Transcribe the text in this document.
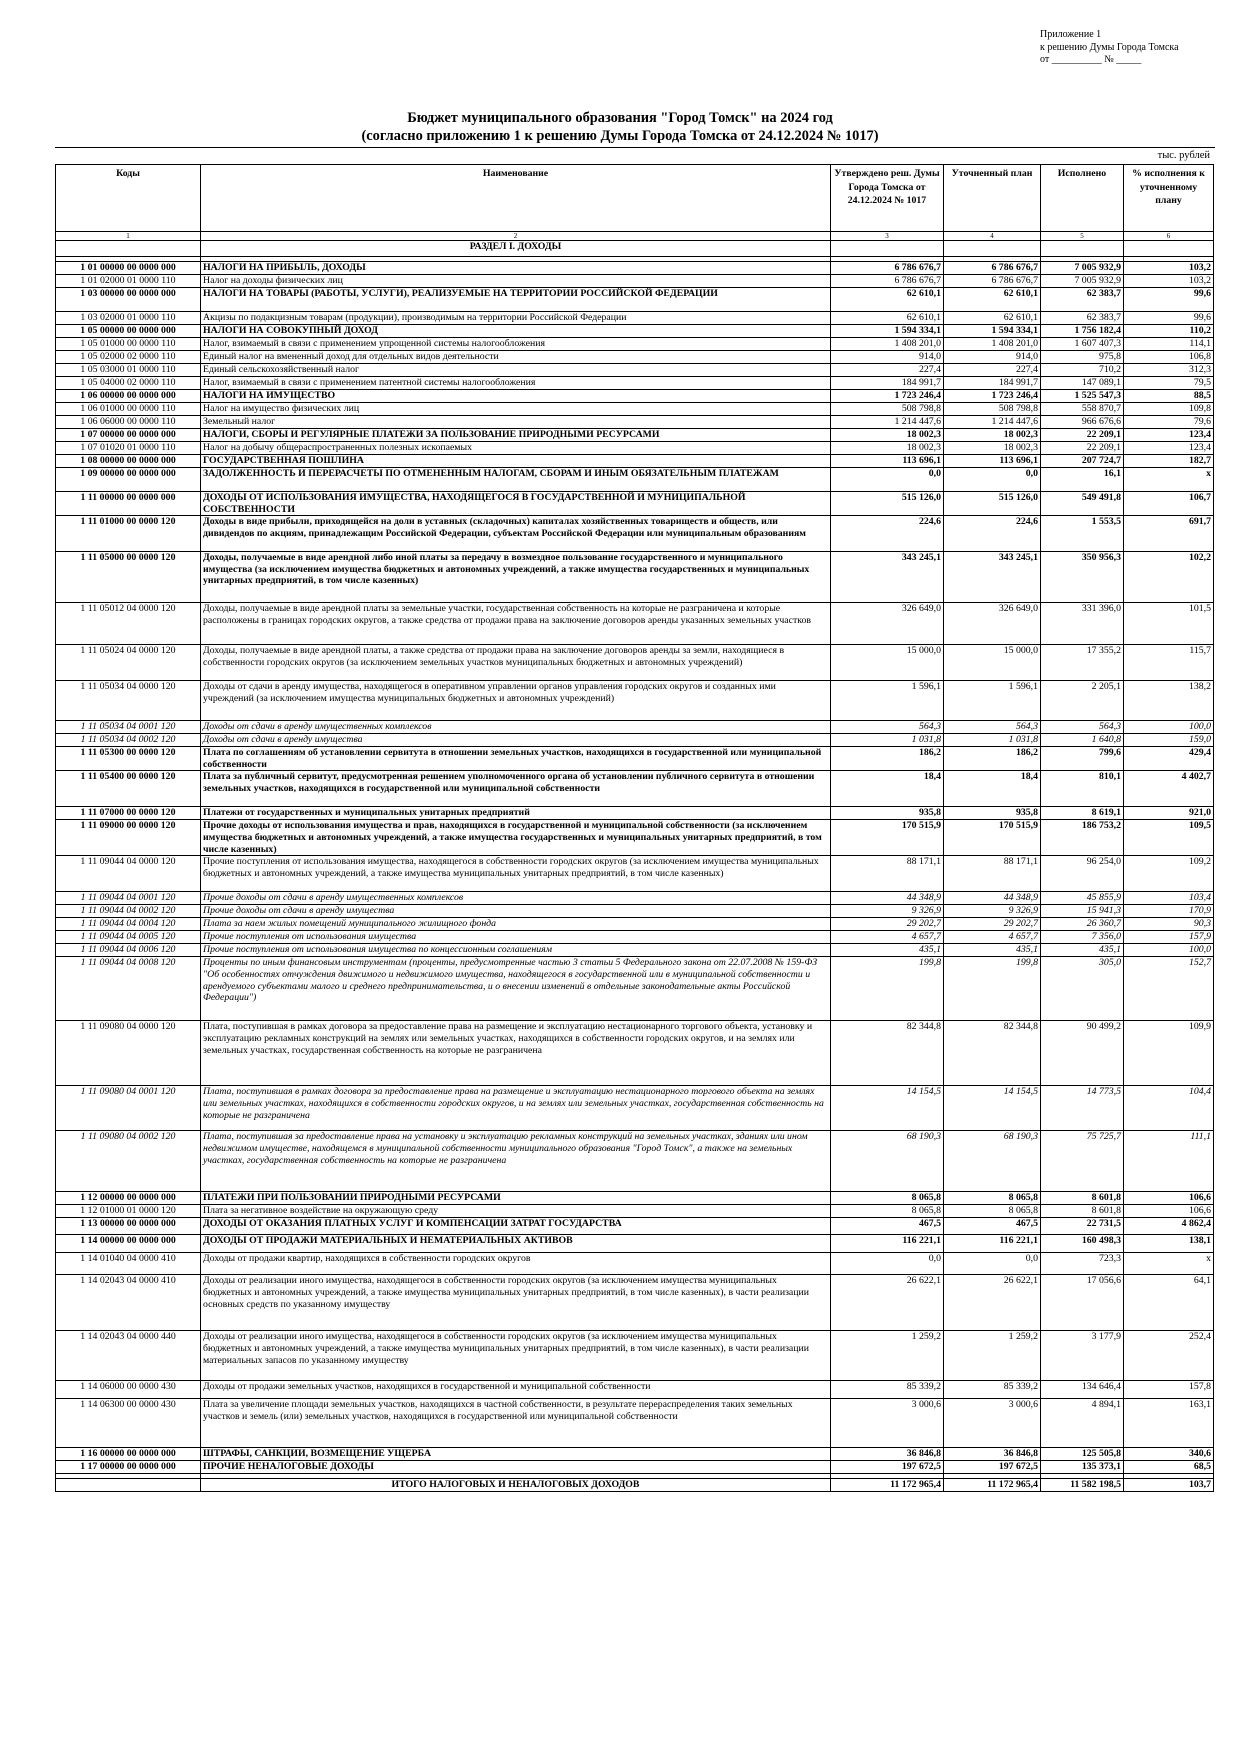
Приложение 1
к решению Думы Города Томска
от __________ № _____
Бюджет муниципального образования "Город Томск" на 2024 год
(согласно приложению 1 к решению Думы Города Томска от 24.12.2024 № 1017)
тыс. рублей
Коды	Наименование	Утверждено реш. Думы Города Томска от 24.12.2024 № 1017	Уточненный план	Исполнено	% исполнения к уточненному плану
1	2	3	4	5	6
	РАЗДЕЛ I. ДОХОДЫ				

1 01 00000 00 0000 000	НАЛОГИ НА ПРИБЫЛЬ, ДОХОДЫ	6 786 676,7	6 786 676,7	7 005 932,9	103,2
1 01 02000 01 0000 110	Налог на доходы физических лиц	6 786 676,7	6 786 676,7	7 005 932,9	103,2
1 03 00000 00 0000 000	НАЛОГИ НА ТОВАРЫ (РАБОТЫ, УСЛУГИ), РЕАЛИЗУЕМЫЕ НА ТЕРРИТОРИИ РОССИЙСКОЙ ФЕДЕРАЦИИ	62 610,1	62 610,1	62 383,7	99,6
1 03 02000 01 0000 110	Акцизы по подакцизным товарам (продукции), производимым на территории Российской Федерации	62 610,1	62 610,1	62 383,7	99,6
1 05 00000 00 0000 000	НАЛОГИ НА СОВОКУПНЫЙ ДОХОД	1 594 334,1	1 594 334,1	1 756 182,4	110,2
1 05 01000 00 0000 110	Налог, взимаемый в связи с применением упрощенной системы налогообложения	1 408 201,0	1 408 201,0	1 607 407,3	114,1
1 05 02000 02 0000 110	Единый налог на вмененный доход для отдельных видов деятельности	914,0	914,0	975,8	106,8
1 05 03000 01 0000 110	Единый сельскохозяйственный налог	227,4	227,4	710,2	312,3
1 05 04000 02 0000 110	Налог, взимаемый в связи с применением патентной системы налогообложения	184 991,7	184 991,7	147 089,1	79,5
1 06 00000 00 0000 000	НАЛОГИ НА ИМУЩЕСТВО	1 723 246,4	1 723 246,4	1 525 547,3	88,5
1 06 01000 00 0000 110	Налог на имущество физических лиц	508 798,8	508 798,8	558 870,7	109,8
1 06 06000 00 0000 110	Земельный налог	1 214 447,6	1 214 447,6	966 676,6	79,6
1 07 00000 00 0000 000	НАЛОГИ, СБОРЫ И РЕГУЛЯРНЫЕ ПЛАТЕЖИ ЗА ПОЛЬЗОВАНИЕ ПРИРОДНЫМИ РЕСУРСАМИ	18 002,3	18 002,3	22 209,1	123,4
1 07 01020 01 0000 110	Налог на добычу общераспространенных полезных ископаемых	18 002,3	18 002,3	22 209,1	123,4
1 08 00000 00 0000 000	ГОСУДАРСТВЕННАЯ ПОШЛИНА	113 696,1	113 696,1	207 724,7	182,7
1 09 00000 00 0000 000	ЗАДОЛЖЕННОСТЬ И ПЕРЕРАСЧЕТЫ ПО ОТМЕНЕННЫМ НАЛОГАМ, СБОРАМ И ИНЫМ ОБЯЗАТЕЛЬНЫМ ПЛАТЕЖАМ	0,0	0,0	16,1	х
1 11 00000 00 0000 000	ДОХОДЫ ОТ ИСПОЛЬЗОВАНИЯ ИМУЩЕСТВА, НАХОДЯЩЕГОСЯ В ГОСУДАРСТВЕННОЙ И МУНИЦИПАЛЬНОЙ СОБСТВЕННОСТИ	515 126,0	515 126,0	549 491,8	106,7
1 11 01000 00 0000 120	Доходы в виде прибыли, приходящейся на доли в уставных (складочных) капиталах хозяйственных товариществ и обществ, или дивидендов по акциям, принадлежащим Российской Федерации, субъектам Российской Федерации или муниципальным образованиям	224,6	224,6	1 553,5	691,7
1 11 05000 00 0000 120	Доходы, получаемые в виде арендной либо иной платы за передачу в возмездное пользование государственного и муниципального имущества (за исключением имущества бюджетных и автономных учреждений, а также имущества государственных и муниципальных унитарных предприятий, в том числе казенных)	343 245,1	343 245,1	350 956,3	102,2
1 11 05012 04 0000 120	Доходы, получаемые в виде арендной платы за земельные участки, государственная собственность на которые не разграничена и которые расположены в границах городских округов, а также средства от продажи права на заключение договоров аренды указанных земельных участков	326 649,0	326 649,0	331 396,0	101,5
1 11 05024 04 0000 120	Доходы, получаемые в виде арендной платы, а также средства от продажи права на заключение договоров аренды за земли, находящиеся в собственности городских округов (за исключением земельных участков муниципальных бюджетных и автономных учреждений)	15 000,0	15 000,0	17 355,2	115,7
1 11 05034 04 0000 120	Доходы от сдачи в аренду имущества, находящегося в оперативном управлении органов управления городских округов и созданных ими учреждений (за исключением имущества муниципальных бюджетных и автономных учреждений)	1 596,1	1 596,1	2 205,1	138,2
1 11 05034 04 0001 120	Доходы от сдачи в аренду имущественных комплексов	564,3	564,3	564,3	100,0
1 11 05034 04 0002 120	Доходы от сдачи в аренду имущества	1 031,8	1 031,8	1 640,8	159,0
1 11 05300 00 0000 120	Плата по соглашениям об установлении сервитута в отношении земельных участков, находящихся в государственной или муниципальной собственности	186,2	186,2	799,6	429,4
1 11 05400 00 0000 120	Плата за публичный сервитут, предусмотренная решением уполномоченного органа об установлении публичного сервитута в отношении земельных участков, находящихся в государственной или муниципальной собственности	18,4	18,4	810,1	4 402,7
1 11 07000 00 0000 120	Платежи от государственных и муниципальных унитарных предприятий	935,8	935,8	8 619,1	921,0
1 11 09000 00 0000 120	Прочие доходы от использования имущества и прав, находящихся в государственной и муниципальной собственности (за исключением имущества бюджетных и автономных учреждений, а также имущества государственных и муниципальных унитарных предприятий, в том числе казенных)	170 515,9	170 515,9	186 753,2	109,5
1 11 09044 04 0000 120	Прочие поступления от использования имущества, находящегося в собственности городских округов (за исключением имущества муниципальных бюджетных и автономных учреждений, а также имущества муниципальных унитарных предприятий, в том числе казенных)	88 171,1	88 171,1	96 254,0	109,2
1 11 09044 04 0001 120	Прочие доходы от сдачи в аренду имущественных комплексов	44 348,9	44 348,9	45 855,9	103,4
1 11 09044 04 0002 120	Прочие доходы от сдачи в аренду имущества	9 326,9	9 326,9	15 941,3	170,9
1 11 09044 04 0004 120	Плата за наем жилых помещений муниципального жилищного фонда	29 202,7	29 202,7	26 360,7	90,3
1 11 09044 04 0005 120	Прочие поступления от использования имущества	4 657,7	4 657,7	7 356,0	157,9
1 11 09044 04 0006 120	Прочие поступления от использования имущества по концессионным соглашениям	435,1	435,1	435,1	100,0
1 11 09044 04 0008 120	Проценты по иным финансовым инструментам (проценты, предусмотренные частью 3 статьи 5 Федерального закона от 22.07.2008 № 159-ФЗ "Об особенностях отчуждения движимого и недвижимого имущества, находящегося в государственной или в муниципальной собственности и арендуемого субъектами малого и среднего предпринимательства, и о внесении изменений в отдельные законодательные акты Российской Федерации")	199,8	199,8	305,0	152,7
1 11 09080 04 0000 120	Плата, поступившая в рамках договора за предоставление права на размещение и эксплуатацию нестационарного торгового объекта, установку и эксплуатацию рекламных конструкций на землях или земельных участках, находящихся в собственности городских округов, и на землях или земельных участках, государственная собственность на которые не разграничена	82 344,8	82 344,8	90 499,2	109,9
1 11 09080 04 0001 120	Плата, поступившая в рамках договора за предоставление права на размещение и эксплуатацию нестационарного торгового объекта на землях или земельных участках, находящихся в собственности городских округов, и на землях или земельных участках, государственная собственность на которые не разграничена	14 154,5	14 154,5	14 773,5	104,4
1 11 09080 04 0002 120	Плата, поступившая за предоставление права на установку и эксплуатацию рекламных конструкций на земельных участках, зданиях или ином недвижимом имуществе, находящемся в муниципальной собственности муниципального образования "Город Томск", а также на земельных участках, государственная собственность на которые не разграничена	68 190,3	68 190,3	75 725,7	111,1
1 12 00000 00 0000 000	ПЛАТЕЖИ ПРИ ПОЛЬЗОВАНИИ ПРИРОДНЫМИ РЕСУРСАМИ	8 065,8	8 065,8	8 601,8	106,6
1 12 01000 01 0000 120	Плата за негативное воздействие на окружающую среду	8 065,8	8 065,8	8 601,8	106,6
1 13 00000 00 0000 000	ДОХОДЫ ОТ ОКАЗАНИЯ ПЛАТНЫХ УСЛУГ И КОМПЕНСАЦИИ ЗАТРАТ ГОСУДАРСТВА	467,5	467,5	22 731,5	4 862,4
1 14 00000 00 0000 000	ДОХОДЫ ОТ ПРОДАЖИ МАТЕРИАЛЬНЫХ И НЕМАТЕРИАЛЬНЫХ АКТИВОВ	116 221,1	116 221,1	160 498,3	138,1
1 14 01040 04 0000 410	Доходы от продажи квартир, находящихся в собственности городских округов	0,0	0,0	723,3	х
1 14 02043 04 0000 410	Доходы от реализации иного имущества, находящегося в собственности городских округов (за исключением имущества муниципальных бюджетных и автономных учреждений, а также имущества муниципальных унитарных предприятий, в том числе казенных), в части реализации основных средств по указанному имуществу	26 622,1	26 622,1	17 056,6	64,1
1 14 02043 04 0000 440	Доходы от реализации иного имущества, находящегося в собственности городских округов (за исключением имущества муниципальных бюджетных и автономных учреждений, а также имущества муниципальных унитарных предприятий, в том числе казенных), в части реализации материальных запасов по указанному имуществу	1 259,2	1 259,2	3 177,9	252,4
1 14 06000 00 0000 430	Доходы от продажи земельных участков, находящихся в государственной и муниципальной собственности	85 339,2	85 339,2	134 646,4	157,8
1 14 06300 00 0000 430	Плата за увеличение площади земельных участков, находящихся в частной собственности, в результате перераспределения таких земельных участков и земель (или) земельных участков, находящихся в государственной или муниципальной собственности	3 000,6	3 000,6	4 894,1	163,1
1 16 00000 00 0000 000	ШТРАФЫ, САНКЦИИ, ВОЗМЕЩЕНИЕ УЩЕРБА	36 846,8	36 846,8	125 505,8	340,6
1 17 00000 00 0000 000	ПРОЧИЕ НЕНАЛОГОВЫЕ ДОХОДЫ	197 672,5	197 672,5	135 373,1	68,5

	ИТОГО НАЛОГОВЫХ И НЕНАЛОГОВЫХ ДОХОДОВ	11 172 965,4	11 172 965,4	11 582 198,5	103,7
